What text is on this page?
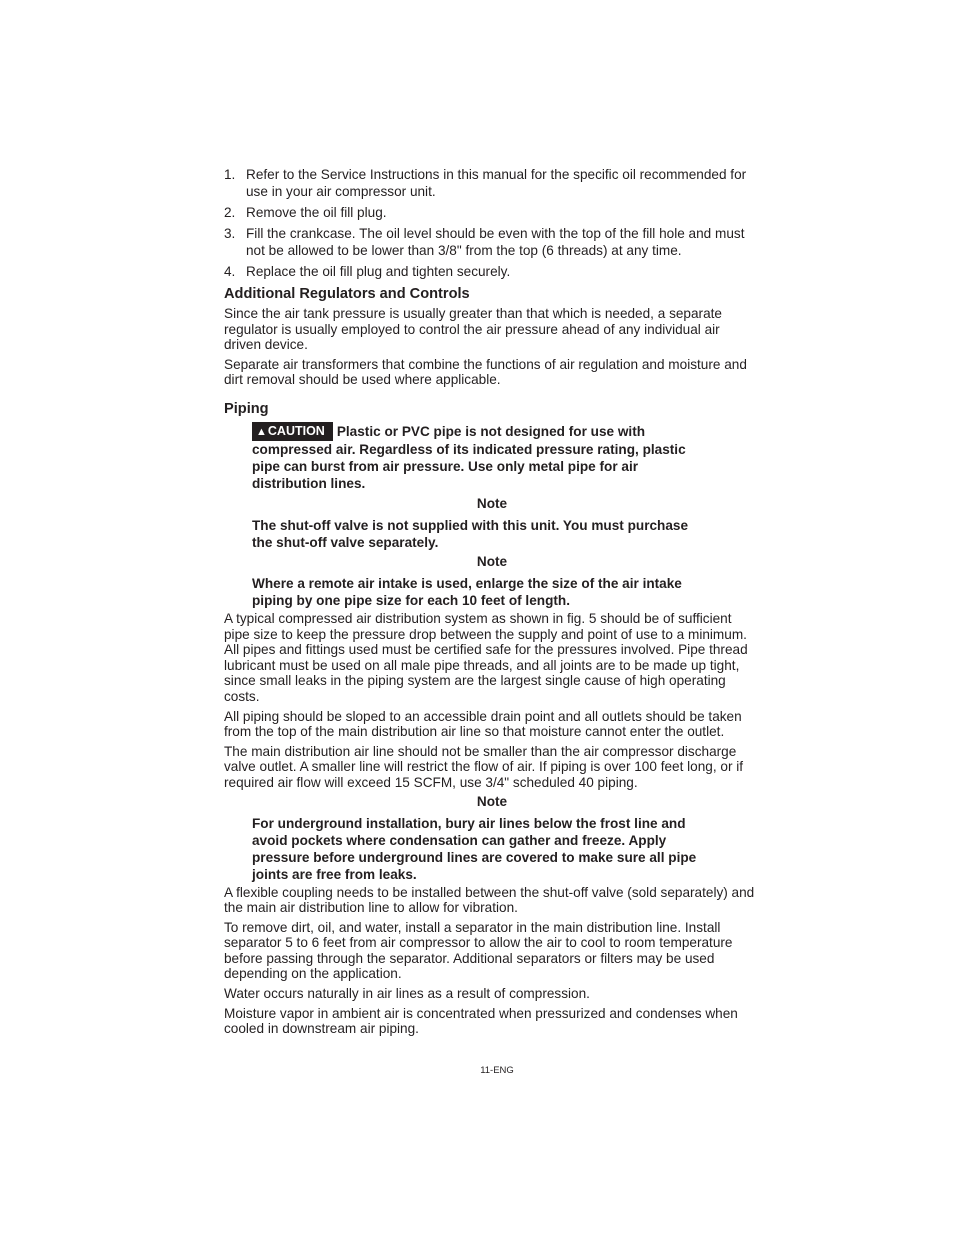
1. Refer to the Service Instructions in this manual for the specific oil recommended for use in your air compressor unit.
2. Remove the oil fill plug.
3. Fill the crankcase. The oil level should be even with the top of the fill hole and must not be allowed to be lower than 3/8" from the top (6 threads) at any time.
4. Replace the oil fill plug and tighten securely.
Additional Regulators and Controls

Since the air tank pressure is usually greater than that which is needed, a separate regulator is usually employed to control the air pressure ahead of any individual air driven device.

Separate air transformers that combine the functions of air regulation and moisture and dirt removal should be used where applicable.

Piping
▲CAUTION Plastic or PVC pipe is not designed for use with compressed air. Regardless of its indicated pressure rating, plastic pipe can burst from air pressure. Use only metal pipe for air distribution lines.
Note
The shut-off valve is not supplied with this unit. You must purchase the shut-off valve separately.
Note
Where a remote air intake is used, enlarge the size of the air intake piping by one pipe size for each 10 feet of length.

A typical compressed air distribution system as shown in fig. 5 should be of sufficient pipe size to keep the pressure drop between the supply and point of use to a minimum. All pipes and fittings used must be certified safe for the pressures involved. Pipe thread lubricant must be used on all male pipe threads, and all joints are to be made up tight, since small leaks in the piping system are the largest single cause of high operating costs.

All piping should be sloped to an accessible drain point and all outlets should be taken from the top of the main distribution air line so that moisture cannot enter the outlet.

The main distribution air line should not be smaller than the air compressor discharge valve outlet. A smaller line will restrict the flow of air. If piping is over 100 feet long, or if required air flow will exceed 15 SCFM, use 3/4" scheduled 40 piping.

Note
For underground installation, bury air lines below the frost line and avoid pockets where condensation can gather and freeze. Apply pressure before underground lines are covered to make sure all pipe joints are free from leaks.

A flexible coupling needs to be installed between the shut-off valve (sold separately) and the main air distribution line to allow for vibration.

To remove dirt, oil, and water, install a separator in the main distribution line. Install separator 5 to 6 feet from air compressor to allow the air to cool to room temperature before passing through the separator. Additional separators or filters may be used depending on the application.

Water occurs naturally in air lines as a result of compression.

Moisture vapor in ambient air is concentrated when pressurized and condenses when cooled in downstream air piping.

11-ENG
